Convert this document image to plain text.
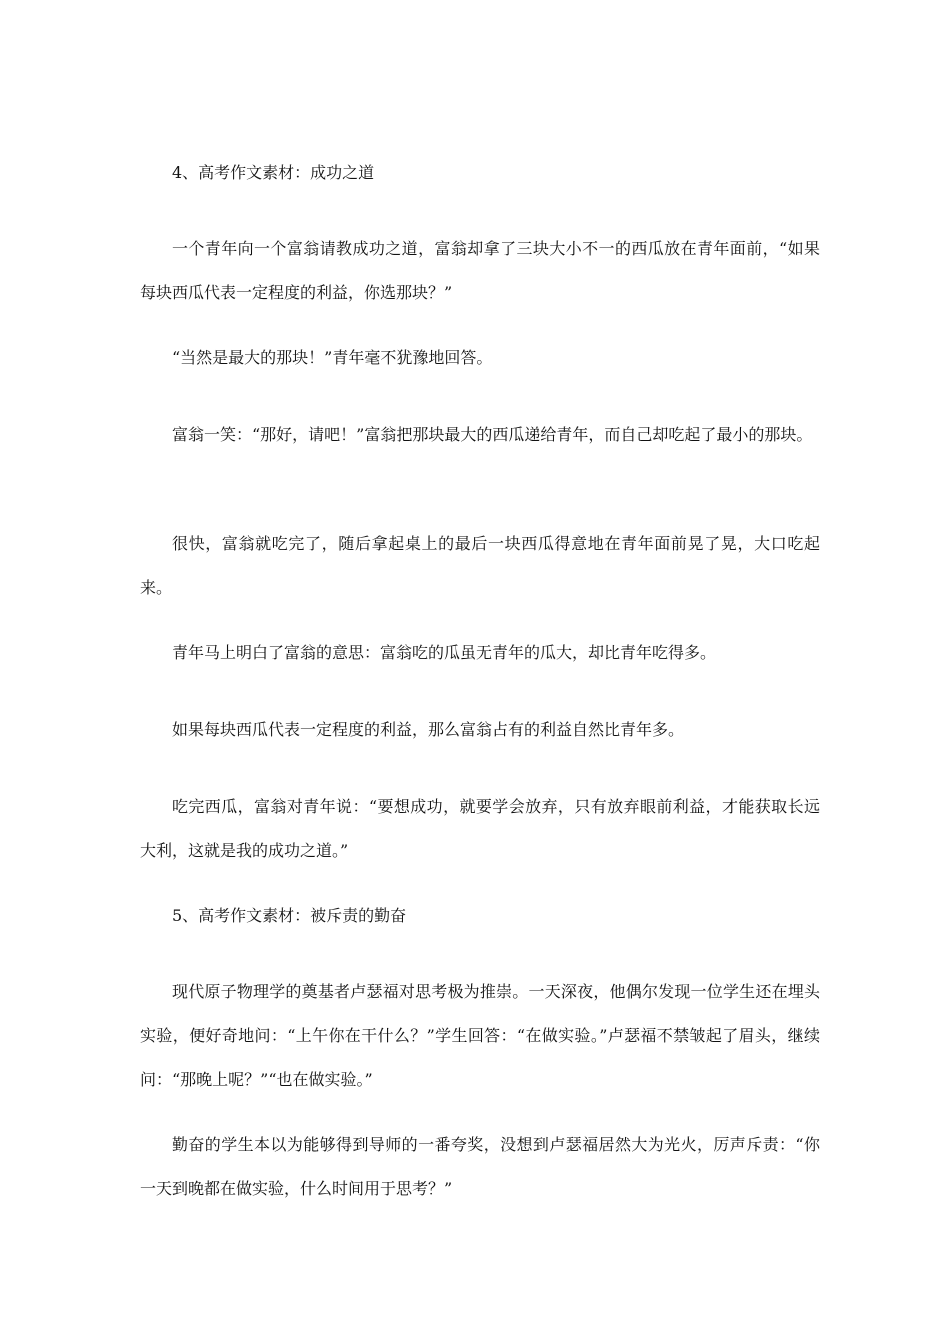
4、高考作文素材：成功之道

一个青年向一个富翁请教成功之道，富翁却拿了三块大小不一的西瓜放在青年面前，“如果每块西瓜代表一定程度的利益，你选那块？”

“当然是最大的那块！”青年毫不犹豫地回答。

富翁一笑：“那好，请吧！”富翁把那块最大的西瓜递给青年，而自己却吃起了最小的那块。

很快，富翁就吃完了，随后拿起桌上的最后一块西瓜得意地在青年面前晃了晃，大口吃起来。

青年马上明白了富翁的意思：富翁吃的瓜虽无青年的瓜大，却比青年吃得多。

如果每块西瓜代表一定程度的利益，那么富翁占有的利益自然比青年多。

吃完西瓜，富翁对青年说：“要想成功，就要学会放弃，只有放弃眼前利益，才能获取长远大利，这就是我的成功之道。”

5、高考作文素材：被斥责的勤奋

现代原子物理学的奠基者卢瑟福对思考极为推崇。一天深夜，他偶尔发现一位学生还在埋头实验，便好奇地问：“上午你在干什么？”学生回答：“在做实验。”卢瑟福不禁皱起了眉头，继续问：“那晚上呢？”“也在做实验。”

勤奋的学生本以为能够得到导师的一番夸奖，没想到卢瑟福居然大为光火，厉声斥责：“你一天到晚都在做实验，什么时间用于思考？”
